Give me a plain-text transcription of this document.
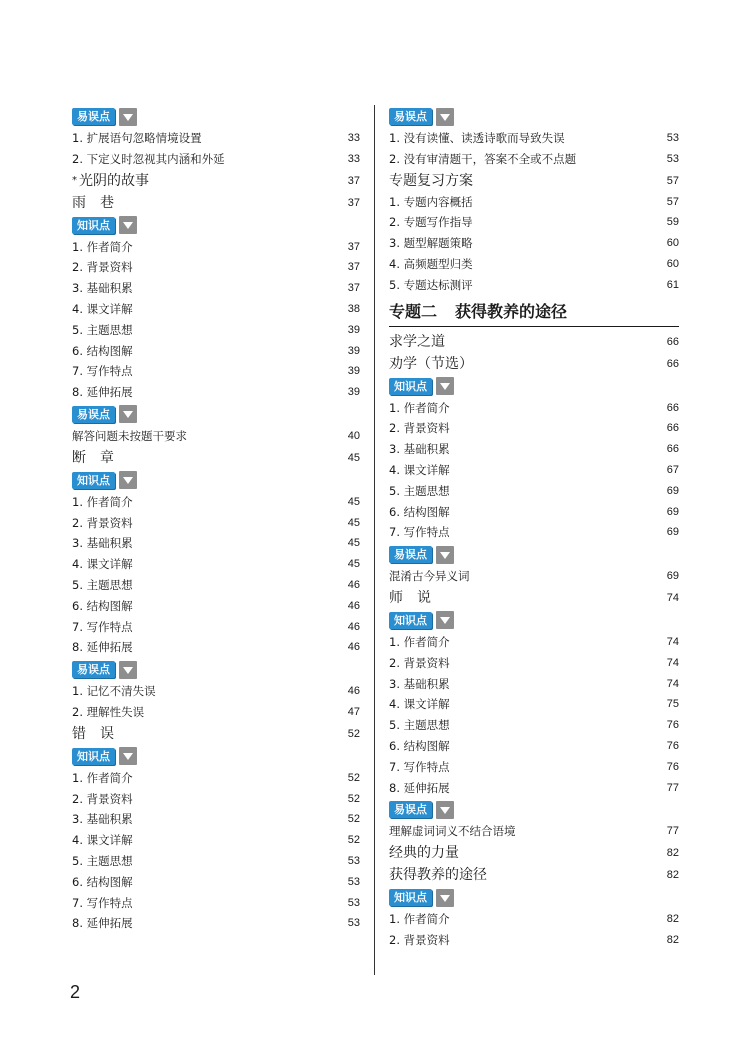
易误点
1. 扩展语句忽略情境设置	33
2. 下定义时忽视其内涵和外延	33
* 光阴的故事	37
雨　巷	37
知识点
1. 作者简介	37
2. 背景资料	37
3. 基础积累	37
4. 课文详解	38
5. 主题思想	39
6. 结构图解	39
7. 写作特点	39
8. 延伸拓展	39
易误点
解答问题未按题干要求	40
断　章	45
知识点
1. 作者简介	45
2. 背景资料	45
3. 基础积累	45
4. 课文详解	45
5. 主题思想	46
6. 结构图解	46
7. 写作特点	46
8. 延伸拓展	46
易误点
1. 记忆不清失误	46
2. 理解性失误	47
错　误	52
知识点
1. 作者简介	52
2. 背景资料	52
3. 基础积累	52
4. 课文详解	52
5. 主题思想	53
6. 结构图解	53
7. 写作特点	53
8. 延伸拓展	53
易误点
1. 没有读懂、读透诗歌而导致失误	53
2. 没有审清题干，答案不全或不点题	53
专题复习方案	57
1. 专题内容概括	57
2. 专题写作指导	59
3. 题型解题策略	60
4. 高频题型归类	60
5. 专题达标测评	61
专题二 获得教养的途径
求学之道	66
劝学（节选）	66
知识点
1. 作者简介	66
2. 背景资料	66
3. 基础积累	66
4. 课文详解	67
5. 主题思想	69
6. 结构图解	69
7. 写作特点	69
易误点
混淆古今异义词	69
师　说	74
知识点
1. 作者简介	74
2. 背景资料	74
3. 基础积累	74
4. 课文详解	75
5. 主题思想	76
6. 结构图解	76
7. 写作特点	76
8. 延伸拓展	77
易误点
理解虚词词义不结合语境	77
经典的力量	82
获得教养的途径	82
知识点
1. 作者简介	82
2. 背景资料	82
2
